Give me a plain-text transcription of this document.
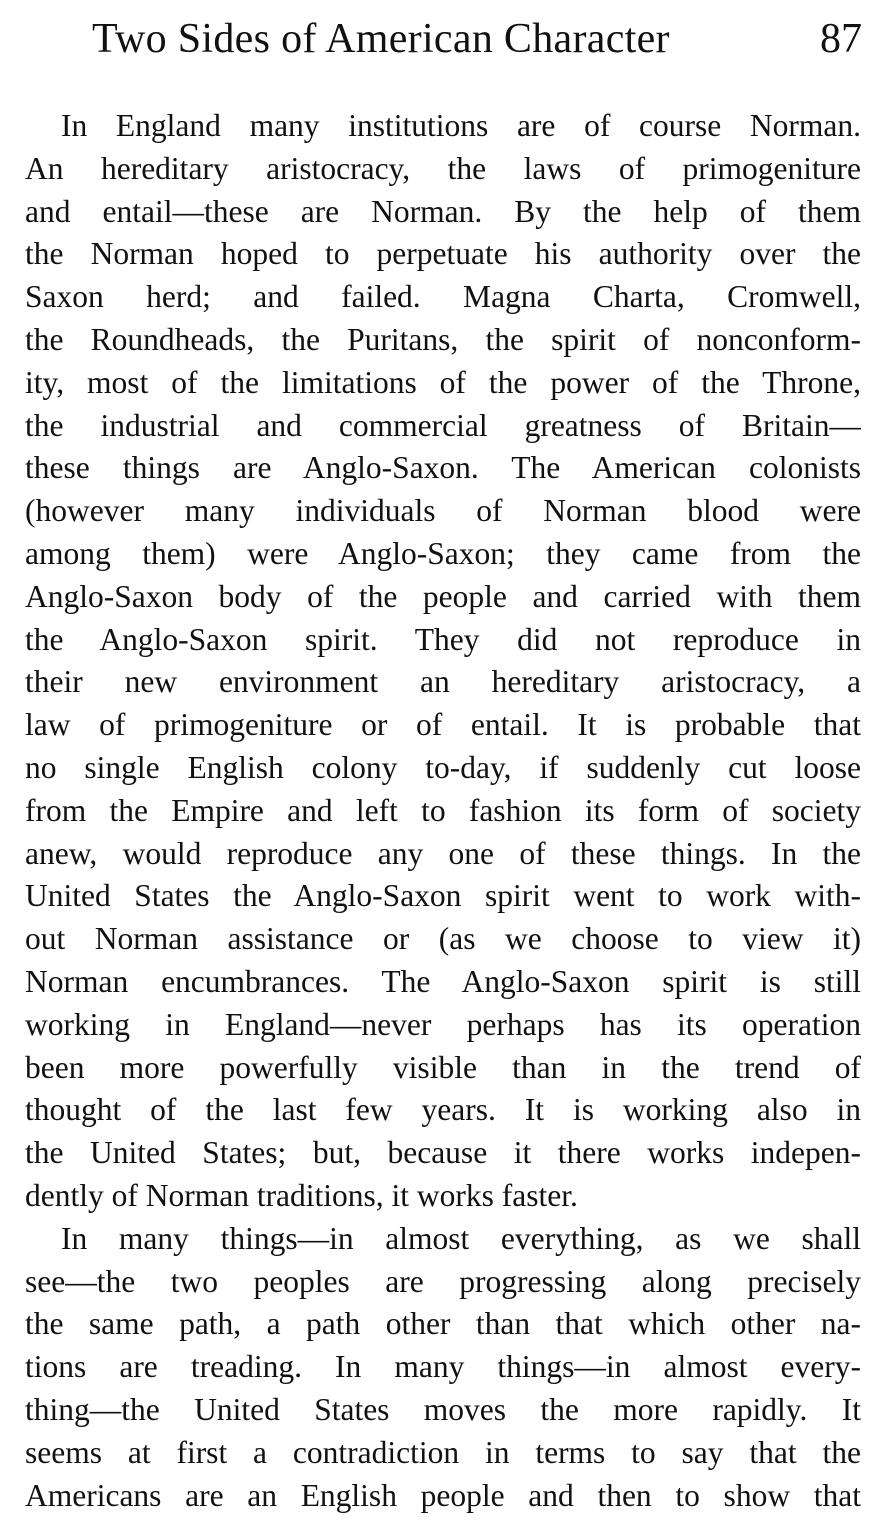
Two Sides of American Character	87
In England many institutions are of course Norman.
An hereditary aristocracy, the laws of primogeniture
and entail—these are Norman. By the help of them
the Norman hoped to perpetuate his authority over the
Saxon herd; and failed. Magna Charta, Cromwell,
the Roundheads, the Puritans, the spirit of nonconform-
ity, most of the limitations of the power of the Throne,
the industrial and commercial greatness of Britain—
these things are Anglo-Saxon. The American colonists
(however many individuals of Norman blood were
among them) were Anglo-Saxon; they came from the
Anglo-Saxon body of the people and carried with them
the Anglo-Saxon spirit. They did not reproduce in
their new environment an hereditary aristocracy, a
law of primogeniture or of entail. It is probable that
no single English colony to-day, if suddenly cut loose
from the Empire and left to fashion its form of society
anew, would reproduce any one of these things. In the
United States the Anglo-Saxon spirit went to work with-
out Norman assistance or (as we choose to view it)
Norman encumbrances. The Anglo-Saxon spirit is still
working in England—never perhaps has its operation
been more powerfully visible than in the trend of
thought of the last few years. It is working also in
the United States; but, because it there works indepen-
dently of Norman traditions, it works faster.
In many things—in almost everything, as we shall
see—the two peoples are progressing along precisely
the same path, a path other than that which other na-
tions are treading. In many things—in almost every-
thing—the United States moves the more rapidly. It
seems at first a contradiction in terms to say that the
Americans are an English people and then to show that
